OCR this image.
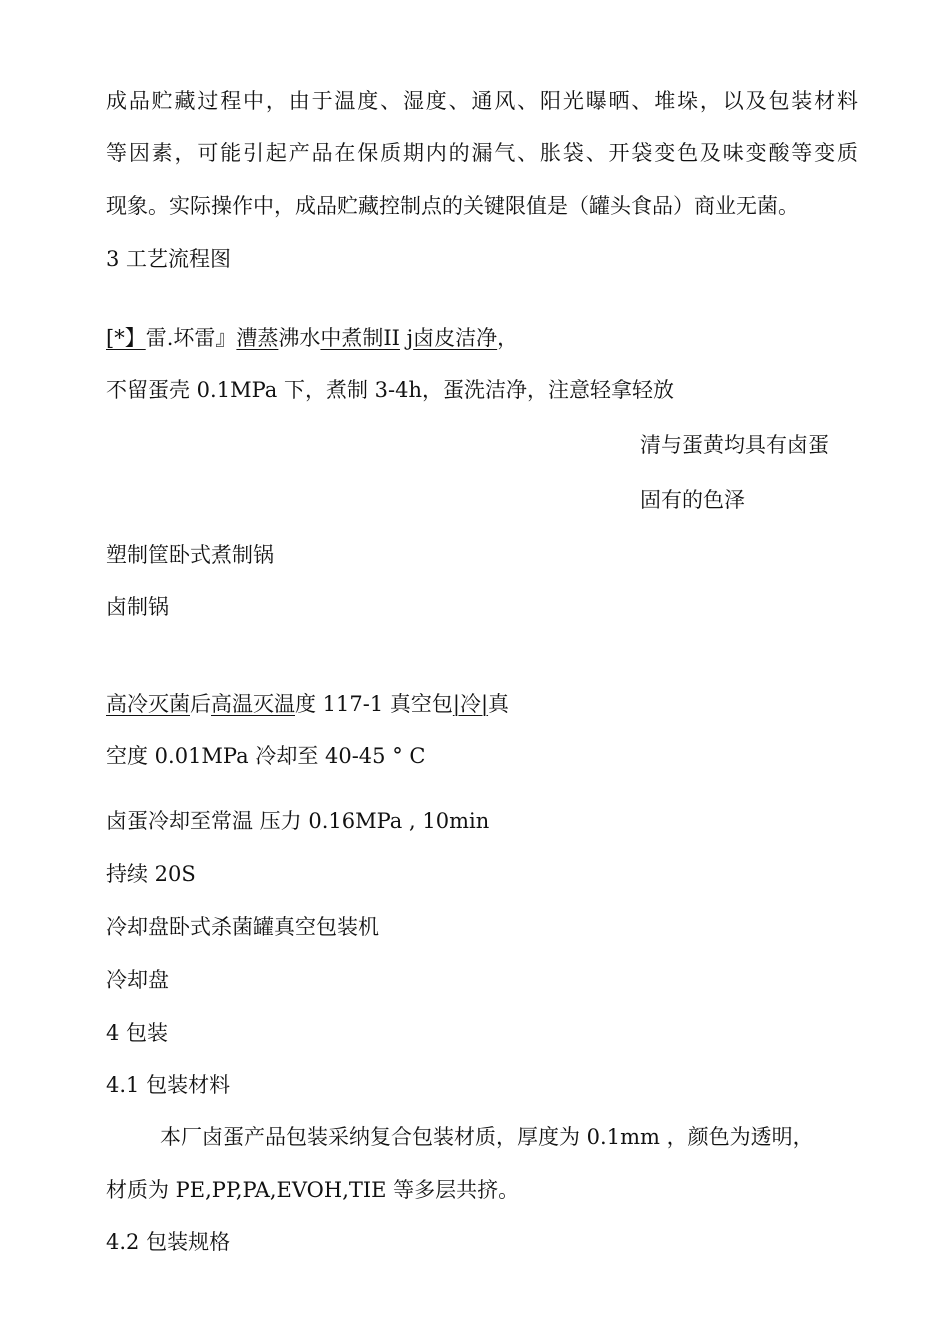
成品贮藏过程中，由于温度、湿度、通风、阳光曝晒、堆垛，以及包装材料
等因素，可能引起产品在保质期内的漏气、胀袋、开袋变色及味变酸等变质
现象。实际操作中，成品贮藏控制点的关键限值是（罐头食品）商业无菌。
3 工艺流程图
[*】雷.坏雷』漕蒸沸水中煮制II j卤皮洁净，
不留蛋壳 0.1MPa 下，煮制 3-4h，蛋洗洁净，注意轻拿轻放
清与蛋黄均具有卤蛋
固有的色泽
塑制筐卧式煮制锅
卤制锅
高冷灭菌后高温灭温度 117-1 真空包|冷|真
空度 0.01MPa 冷却至 40-45 ° C
卤蛋冷却至常温 压力 0.16MPa , 10min
持续 20S
冷却盘卧式杀菌罐真空包装机
冷却盘
4 包装
4.1 包装材料
本厂卤蛋产品包装采纳复合包装材质，厚度为 0.1mm ，颜色为透明，
材质为 PE,PP,PA,EVOH,TIE 等多层共挤。
4.2 包装规格
